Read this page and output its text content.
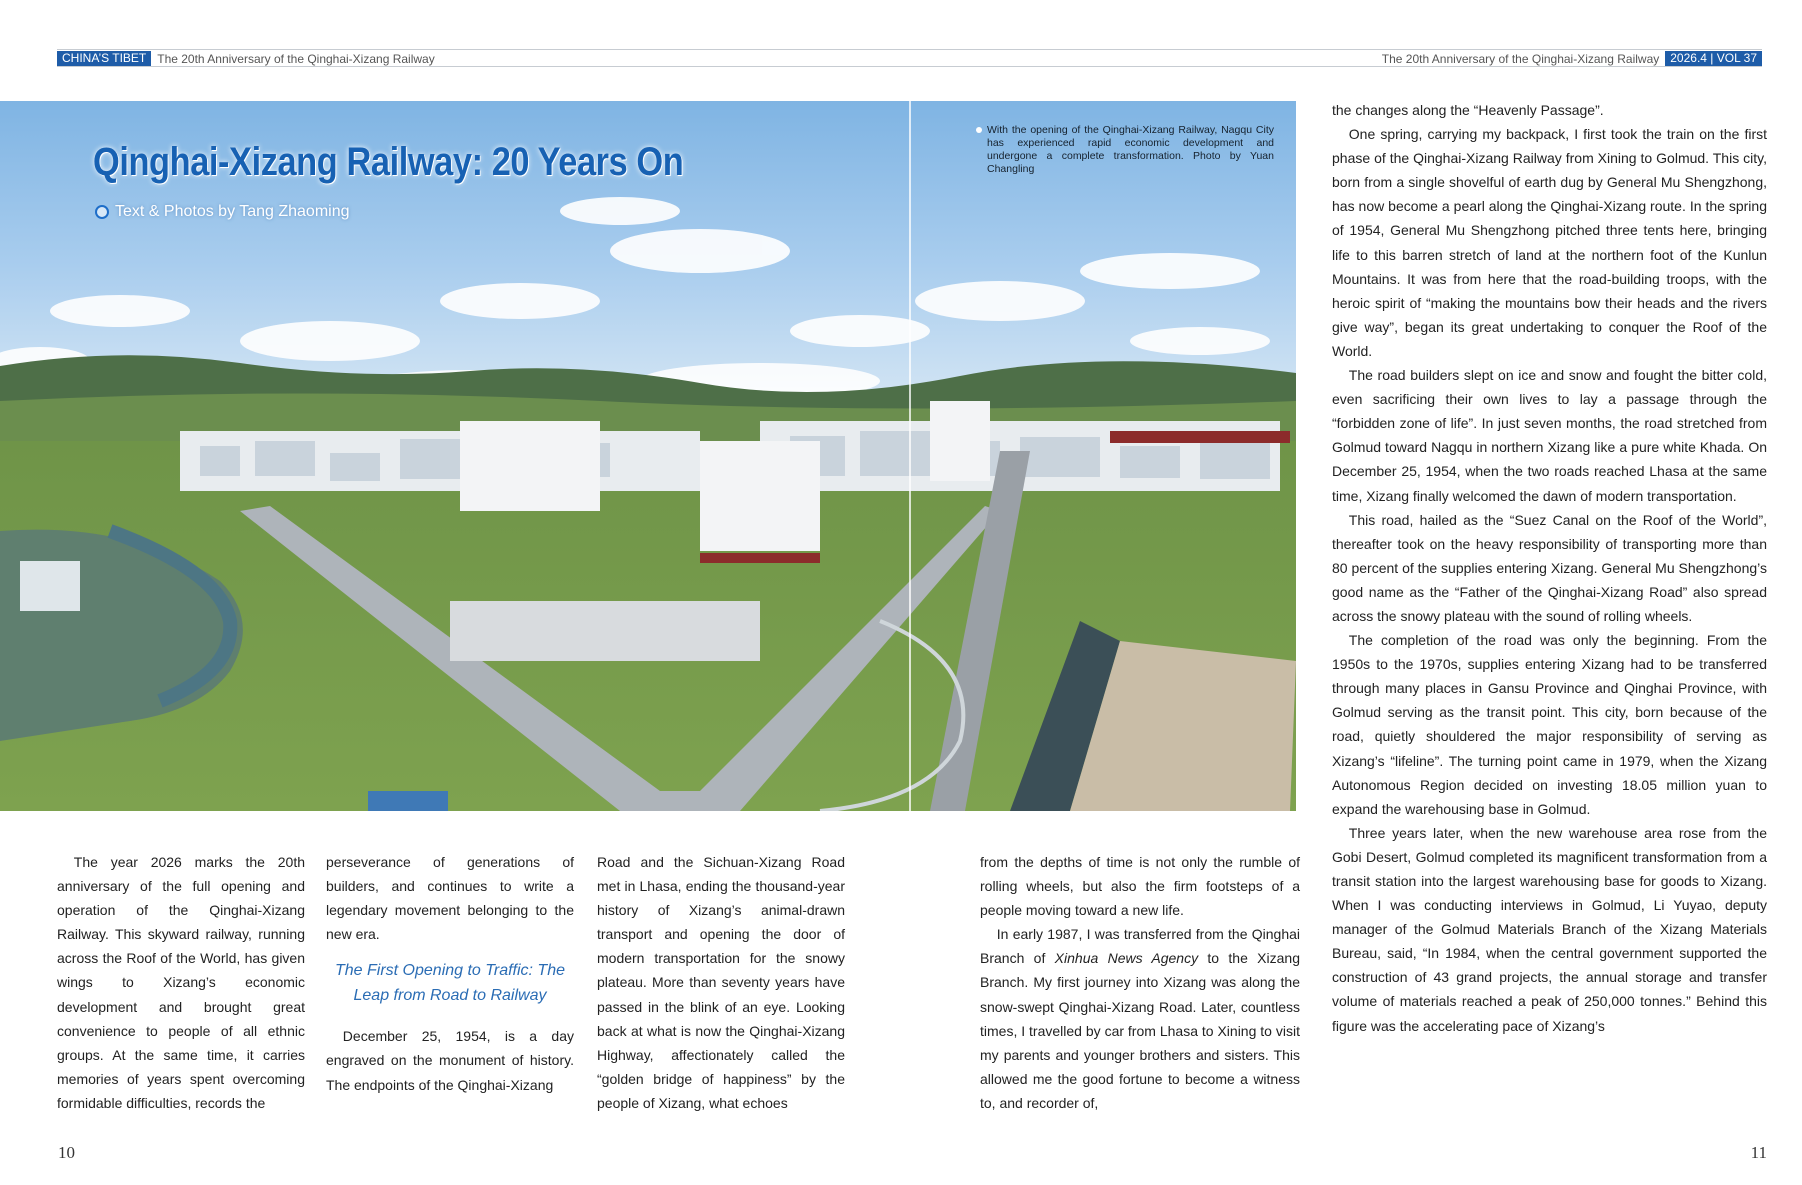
CHINA’S TIBET The 20th Anniversary of the Qinghai-Xizang Railway	The 20th Anniversary of the Qinghai-Xizang Railway 2026.4 | VOL 37
Qinghai-Xizang Railway: 20 Years On
Text & Photos by Tang Zhaoming
With the opening of the Qinghai-Xizang Railway, Nagqu City has experienced rapid economic development and undergone a complete transformation. Photo by Yuan Changling

The year 2026 marks the 20th anniversary of the full opening and operation of the Qinghai-Xizang Railway. This skyward railway, running across the Roof of the World, has given wings to Xizang’s economic development and brought great convenience to people of all ethnic groups. At the same time, it carries memories of years spent overcoming formidable difficulties, records the

perseverance of generations of builders, and continues to write a legendary movement belonging to the new era.

The First Opening to Traffic: The Leap from Road to Railway

December 25, 1954, is a day engraved on the monument of history. The endpoints of the Qinghai-Xizang

Road and the Sichuan-Xizang Road met in Lhasa, ending the thousand-year history of Xizang’s animal-drawn transport and opening the door of modern transportation for the snowy plateau. More than seventy years have passed in the blink of an eye. Looking back at what is now the Qinghai-Xizang Highway, affectionately called the “golden bridge of happiness” by the people of Xizang, what echoes

from the depths of time is not only the rumble of rolling wheels, but also the firm footsteps of a people moving toward a new life.

In early 1987, I was transferred from the Qinghai Branch of Xinhua News Agency to the Xizang Branch. My first journey into Xizang was along the snow-swept Qinghai-Xizang Road. Later, countless times, I travelled by car from Lhasa to Xining to visit my parents and younger brothers and sisters. This allowed me the good fortune to become a witness to, and recorder of,

the changes along the “Heavenly Passage”.

One spring, carrying my backpack, I first took the train on the first phase of the Qinghai-Xizang Railway from Xining to Golmud. This city, born from a single shovelful of earth dug by General Mu Shengzhong, has now become a pearl along the Qinghai-Xizang route. In the spring of 1954, General Mu Shengzhong pitched three tents here, bringing life to this barren stretch of land at the northern foot of the Kunlun Mountains. It was from here that the road-building troops, with the heroic spirit of “making the mountains bow their heads and the rivers give way”, began its great undertaking to conquer the Roof of the World.

The road builders slept on ice and snow and fought the bitter cold, even sacrificing their own lives to lay a passage through the “forbidden zone of life”. In just seven months, the road stretched from Golmud toward Nagqu in northern Xizang like a pure white Khada. On December 25, 1954, when the two roads reached Lhasa at the same time, Xizang finally welcomed the dawn of modern transportation.

This road, hailed as the “Suez Canal on the Roof of the World”, thereafter took on the heavy responsibility of transporting more than 80 percent of the supplies entering Xizang. General Mu Shengzhong’s good name as the “Father of the Qinghai-Xizang Road” also spread across the snowy plateau with the sound of rolling wheels.

The completion of the road was only the beginning. From the 1950s to the 1970s, supplies entering Xizang had to be transferred through many places in Gansu Province and Qinghai Province, with Golmud serving as the transit point. This city, born because of the road, quietly shouldered the major responsibility of serving as Xizang’s “lifeline”. The turning point came in 1979, when the Xizang Autonomous Region decided on investing 18.05 million yuan to expand the warehousing base in Golmud.

Three years later, when the new warehouse area rose from the Gobi Desert, Golmud completed its magnificent transformation from a transit station into the largest warehousing base for goods to Xizang. When I was conducting interviews in Golmud, Li Yuyao, deputy manager of the Golmud Materials Branch of the Xizang Materials Bureau, said, “In 1984, when the central government supported the construction of 43 grand projects, the annual storage and transfer volume of materials reached a peak of 250,000 tonnes.” Behind this figure was the accelerating pace of Xizang’s

10	11
